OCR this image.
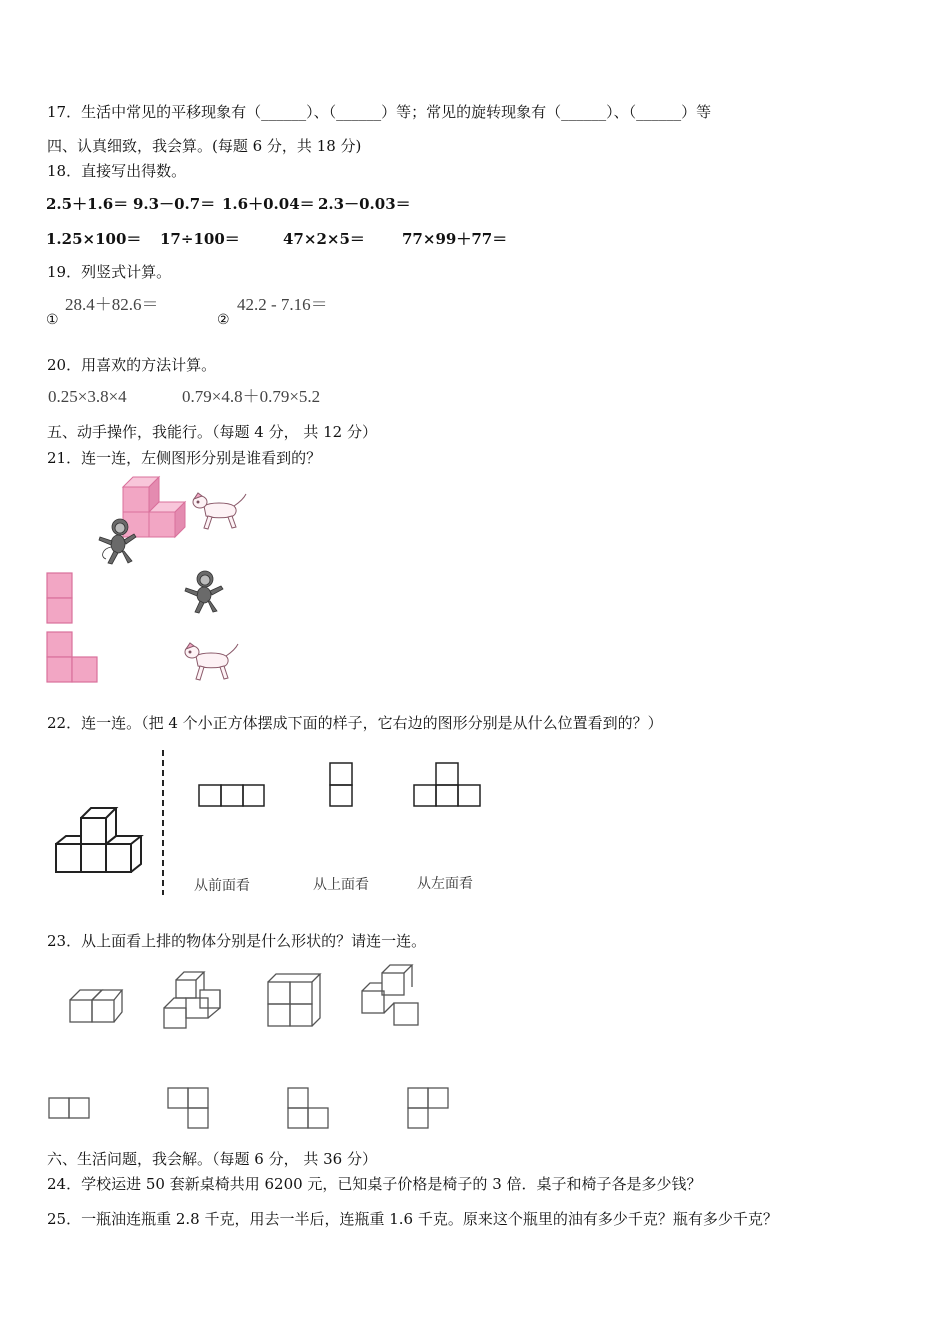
17．生活中常见的平移现象有（______）、（______）等；常见的旋转现象有（______）、（______）等
四、认真细致，我会算。(每题 6 分，共 18 分)
18．直接写出得数。
2.5＋1.6＝ 9.3－0.7＝ 1.6＋0.04＝ 2.3－0.03＝
1.25×100＝ 17÷100＝	47×2×5＝ 77×99＋77＝
19．列竖式计算。
①
28.4＋82.6＝
②
42.2 - 7.16＝
20．用喜欢的方法计算。
0.25×3.8×4	0.79×4.8＋0.79×5.2
五、动手操作，我能行。（每题 4 分， 共 12 分）
21．连一连，左侧图形分别是谁看到的？
22．连一连。（把 4 个小正方体摆成下面的样子，它右边的图形分别是从什么位置看到的？）
从前面看	从上面看	从左面看
23．从上面看上排的物体分别是什么形状的？请连一连。
六、生活问题，我会解。（每题 6 分， 共 36 分）
24．学校运进 50 套新桌椅共用 6200 元，已知桌子价格是椅子的 3 倍．桌子和椅子各是多少钱？
25．一瓶油连瓶重 2.8 千克，用去一半后，连瓶重 1.6 千克。原来这个瓶里的油有多少千克？瓶有多少千克？
